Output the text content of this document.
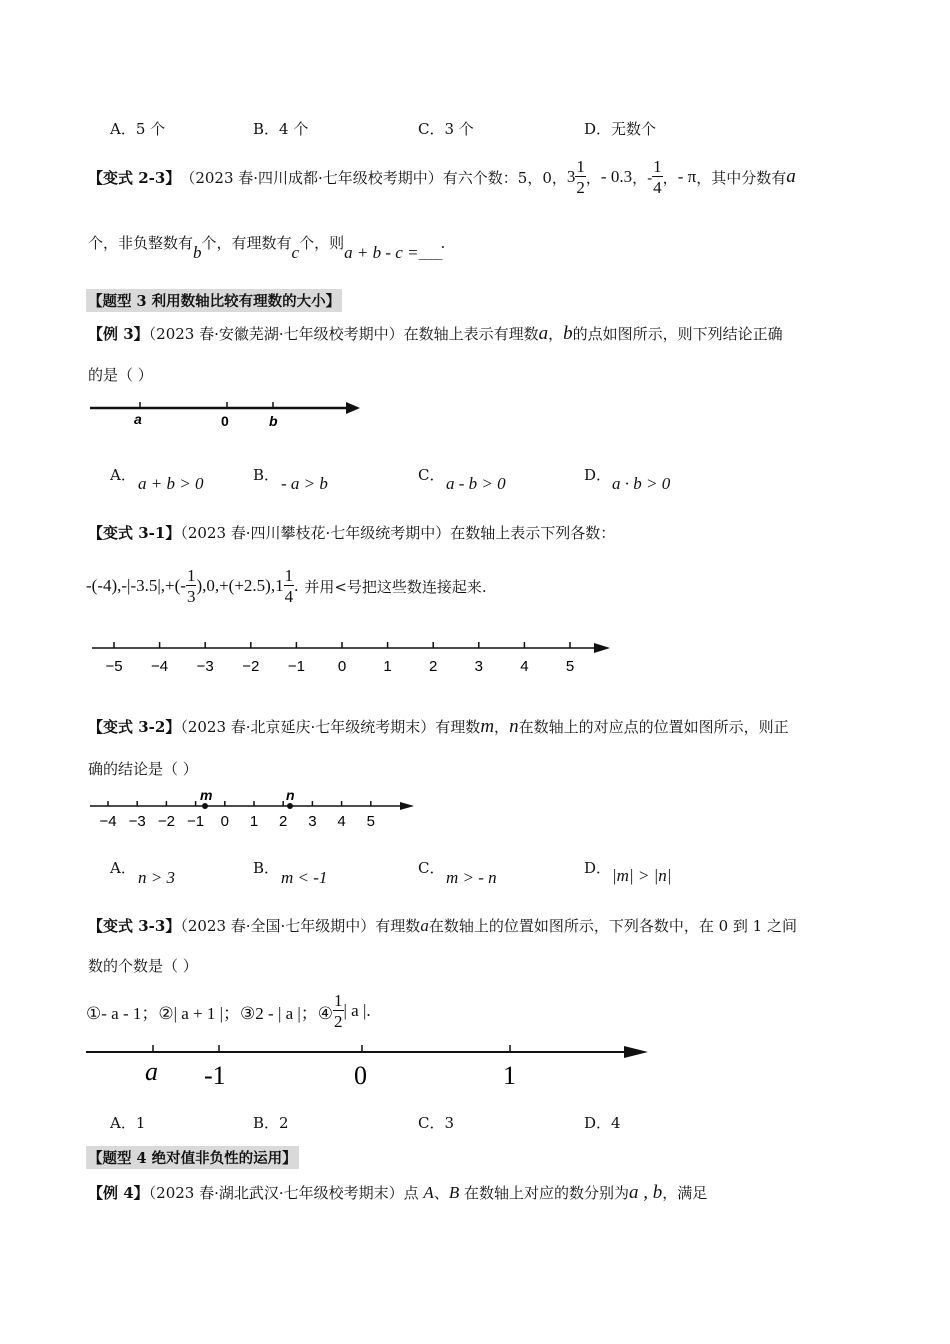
A．5 个	B．4 个	C．3 个	D．无数个
【变式 2-3】 （2023 春·四川成都·七年级校考期中）有六个数：5，0， $3 \frac{1}{2}$ ， - 0.3 ，- $\frac{1}{4}$ ， - π ，其中分数有 a
个，非负整数有b个，有理数有c个，则a + b - c =____.
【题型 3 利用数轴比较有理数的大小】
【例 3】（2023 春·安徽芜湖·七年级校考期中）在数轴上表示有理数a，b的点如图所示，则下列结论正确
的是（ ）
a	0	b
A． a + b > 0	B． - a > b	C． a - b > 0	D． a · b > 0
【变式 3-1】（2023 春·四川攀枝花·七年级统考期中）在数轴上表示下列各数：
$-(-4),-|-3.5|,+(- \frac{1}{3} ),0,+(+2.5),1 \frac{1}{4}$ . 并用<号把这些数连接起来.
−5 −4 −3 −2 −1 0 1 2 3 4 5
【变式 3-2】（2023 春·北京延庆·七年级统考期末）有理数m，n在数轴上的对应点的位置如图所示，则正
确的结论是（ ）
m	n
−4 −3 −2 −1 0 1 2 3 4 5
A． n > 3	B． m < -1	C． m > - n	D． |m| > |n|
【变式 3-3】（2023 春·全国·七年级期中）有理数a在数轴上的位置如图所示，下列各数中，在 0 到 1 之间
数的个数是（ ）
①- a - 1；②| a + 1 |；③2 - | a |；④ $\frac{1}{2}$ | a |.
a -1	0	1
A．1	B．2	C．3	D．4
【题型 4 绝对值非负性的运用】
【例 4】（2023 春·湖北武汉·七年级校考期末）点 A、B 在数轴上对应的数分别为a , b，满足
